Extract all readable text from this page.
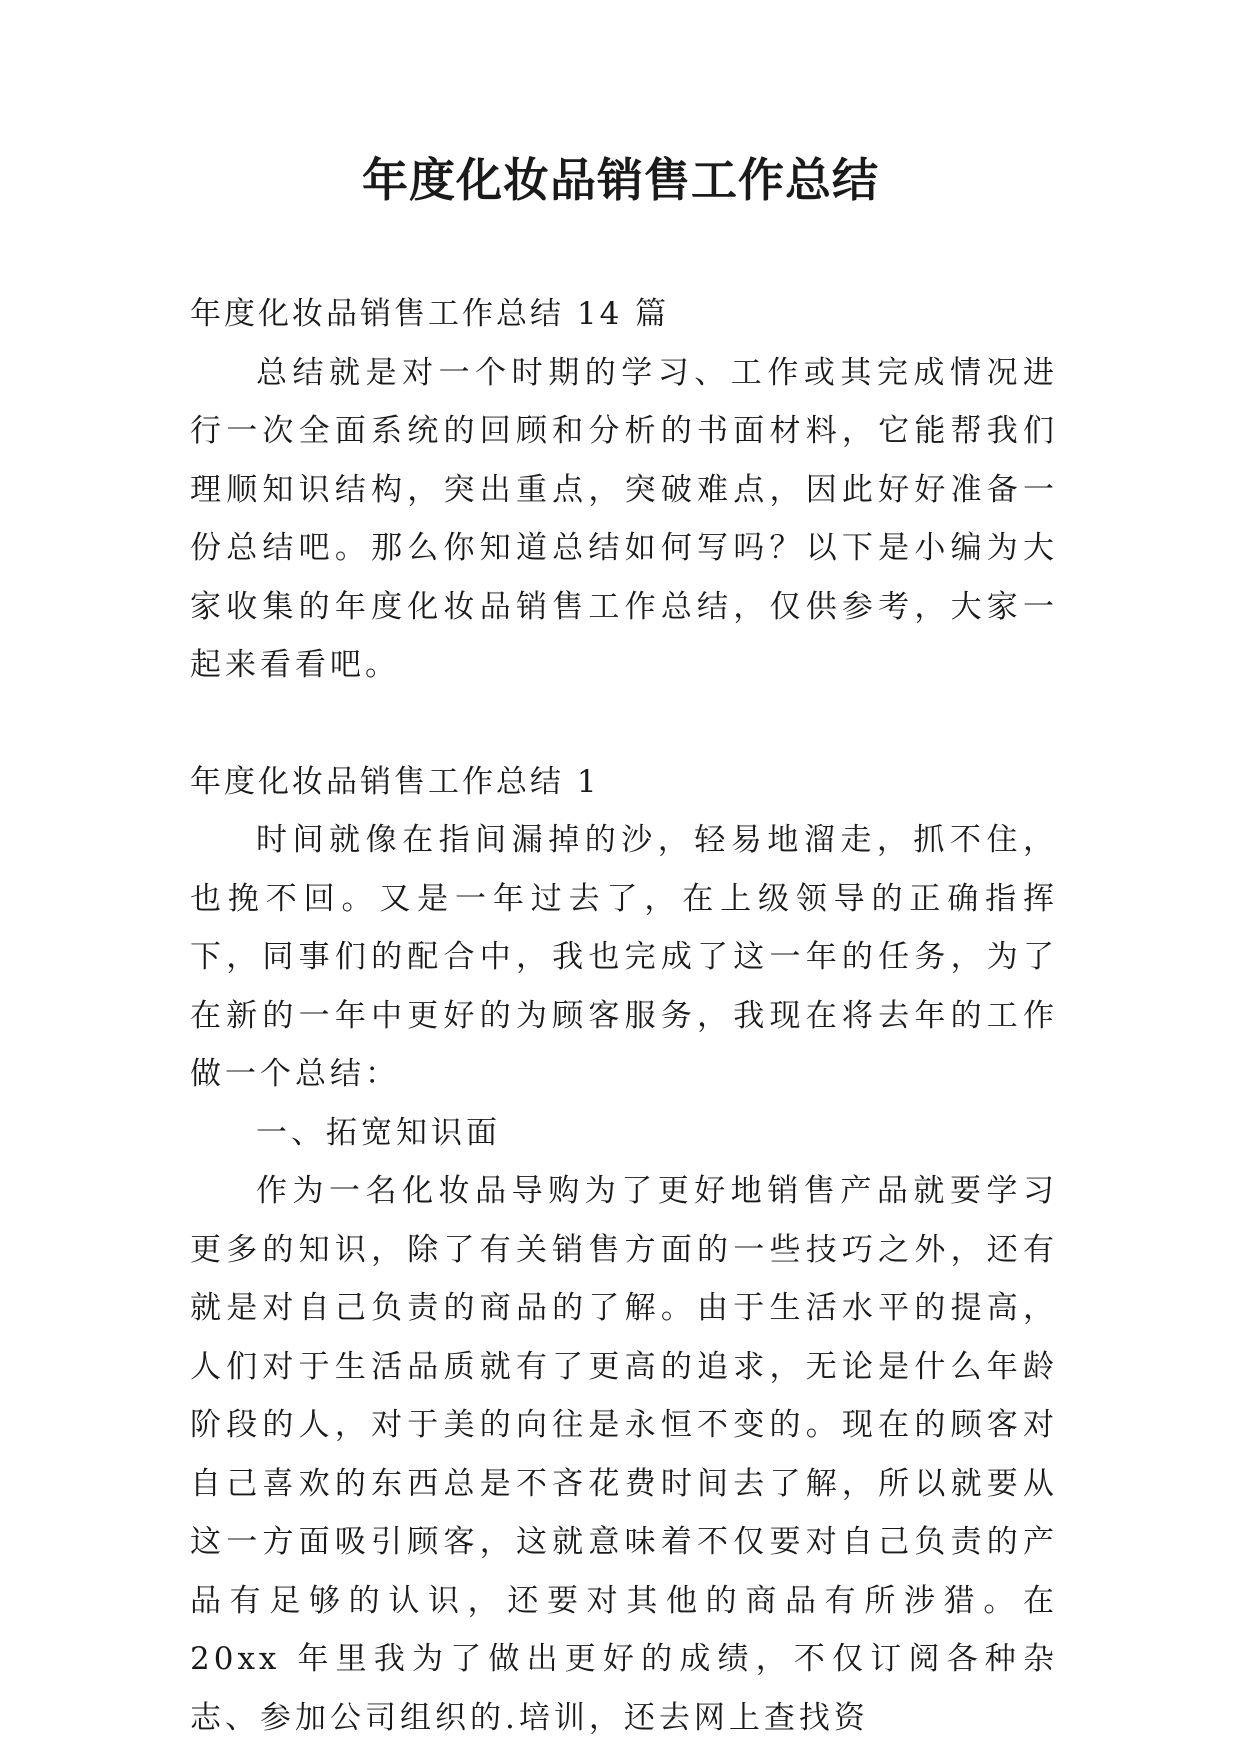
年度化妆品销售工作总结

年度化妆品销售工作总结 14 篇

总结就是对一个时期的学习、工作或其完成情况进行一次全面系统的回顾和分析的书面材料，它能帮我们理顺知识结构，突出重点，突破难点，因此好好准备一份总结吧。那么你知道总结如何写吗？以下是小编为大家收集的年度化妆品销售工作总结，仅供参考，大家一起来看看吧。

年度化妆品销售工作总结 1

时间就像在指间漏掉的沙，轻易地溜走，抓不住，也挽不回。又是一年过去了，在上级领导的正确指挥下，同事们的配合中，我也完成了这一年的任务，为了在新的一年中更好的为顾客服务，我现在将去年的工作做一个总结：

一、拓宽知识面

作为一名化妆品导购为了更好地销售产品就要学习更多的知识，除了有关销售方面的一些技巧之外，还有就是对自己负责的商品的了解。由于生活水平的提高，人们对于生活品质就有了更高的追求，无论是什么年龄阶段的人，对于美的向往是永恒不变的。现在的顾客对自己喜欢的东西总是不吝花费时间去了解，所以就要从这一方面吸引顾客，这就意味着不仅要对自己负责的产品有足够的认识，还要对其他的商品有所涉猎。在 20xx 年里我为了做出更好的成绩，不仅订阅各种杂志、参加公司组织的.培训，还去网上查找资
